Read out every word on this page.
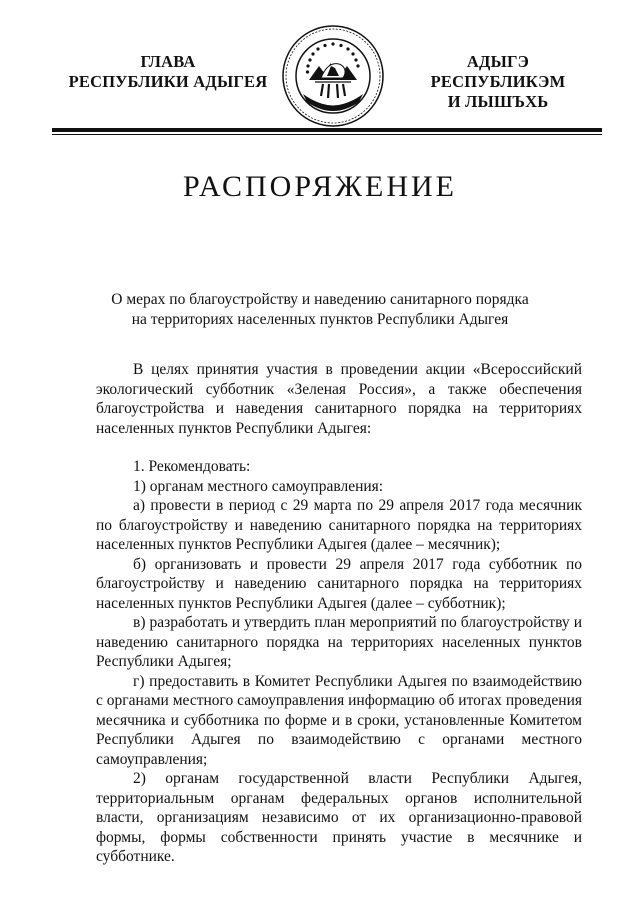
ГЛАВА
РЕСПУБЛИКИ АДЫГЕЯ
АДЫГЭ РЕСПУБЛИКЭМ
И ЛЫШЪХЬ
РАСПОРЯЖЕНИЕ
О мерах по благоустройству и наведению санитарного порядка
на территориях населенных пунктов Республики Адыгея

В целях принятия участия в проведении акции «Всероссийский экологический субботник «Зеленая Россия», а также обеспечения благоустройства и наведения санитарного порядка на территориях населенных пунктов Республики Адыгея:

1. Рекомендовать:

1) органам местного самоуправления:

а) провести в период с 29 марта по 29 апреля 2017 года месячник по благоустройству и наведению санитарного порядка на территориях населенных пунктов Республики Адыгея (далее – месячник);

б) организовать и провести 29 апреля 2017 года субботник по благоустройству и наведению санитарного порядка на территориях населенных пунктов Республики Адыгея (далее – субботник);

в) разработать и утвердить план мероприятий по благоустройству и наведению санитарного порядка на территориях населенных пунктов Республики Адыгея;

г) предоставить в Комитет Республики Адыгея по взаимодействию с органами местного самоуправления информацию об итогах проведения месячника и субботника по форме и в сроки, установленные Комитетом Республики Адыгея по взаимодействию с органами местного самоуправления;

2) органам государственной власти Республики Адыгея, территориальным органам федеральных органов исполнительной власти, организациям независимо от их организационно-правовой формы, формы собственности принять участие в месячнике и субботнике.
